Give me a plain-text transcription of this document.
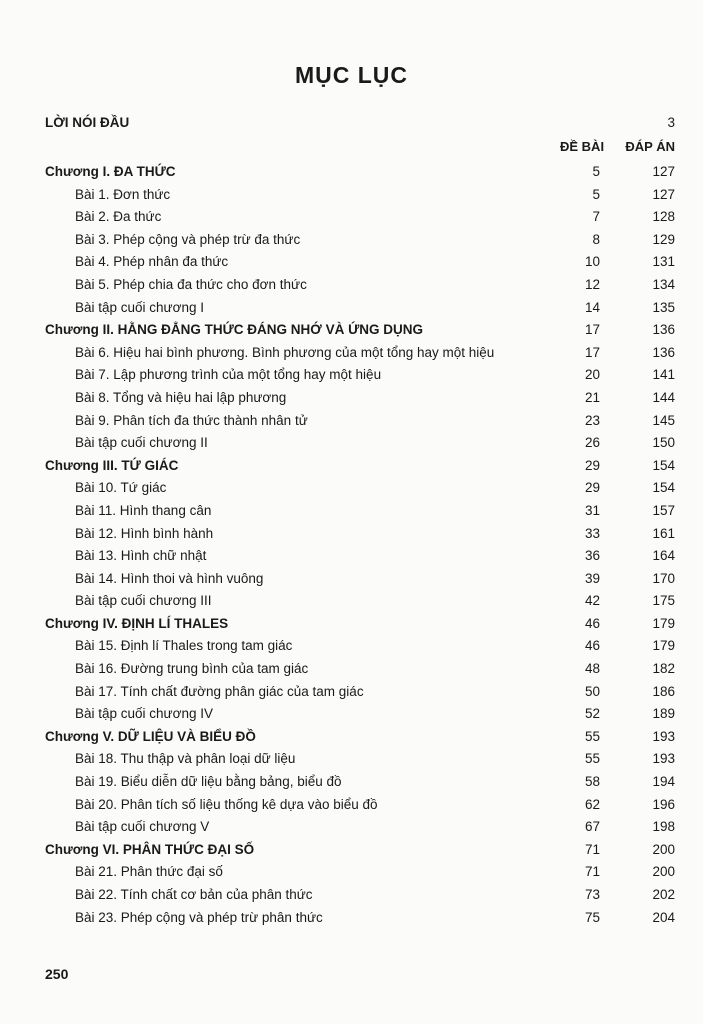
MỤC LỤC
LỜI NÓI ĐẦU	3
ĐỀ BÀI ĐÁP ÁN
Chương I. ĐA THỨC	5	127
Bài 1. Đơn thức	5	127
Bài 2. Đa thức	7	128
Bài 3. Phép cộng và phép trừ đa thức	8	129
Bài 4. Phép nhân đa thức	10	131
Bài 5. Phép chia đa thức cho đơn thức	12	134
Bài tập cuối chương I	14	135
Chương II. HẰNG ĐẲNG THỨC ĐÁNG NHỚ VÀ ỨNG DỤNG	17	136
Bài 6. Hiệu hai bình phương. Bình phương của một tổng hay một hiệu	17	136
Bài 7. Lập phương trình của một tổng hay một hiệu	20	141
Bài 8. Tổng và hiệu hai lập phương	21	144
Bài 9. Phân tích đa thức thành nhân tử	23	145
Bài tập cuối chương II	26	150
Chương III. TỨ GIÁC	29	154
Bài 10. Tứ giác	29	154
Bài 11. Hình thang cân	31	157
Bài 12. Hình bình hành	33	161
Bài 13. Hình chữ nhật	36	164
Bài 14. Hình thoi và hình vuông	39	170
Bài tập cuối chương III	42	175
Chương IV. ĐỊNH LÍ THALES	46	179
Bài 15. Định lí Thales trong tam giác	46	179
Bài 16. Đường trung bình của tam giác	48	182
Bài 17. Tính chất đường phân giác của tam giác	50	186
Bài tập cuối chương IV	52	189
Chương V. DỮ LIỆU VÀ BIỂU ĐỒ	55	193
Bài 18. Thu thập và phân loại dữ liệu	55	193
Bài 19. Biểu diễn dữ liệu bằng bảng, biểu đồ	58	194
Bài 20. Phân tích số liệu thống kê dựa vào biểu đồ	62	196
Bài tập cuối chương V	67	198
Chương VI. PHÂN THỨC ĐẠI SỐ	71	200
Bài 21. Phân thức đại số	71	200
Bài 22. Tính chất cơ bản của phân thức	73	202
Bài 23. Phép cộng và phép trừ phân thức	75	204
250
